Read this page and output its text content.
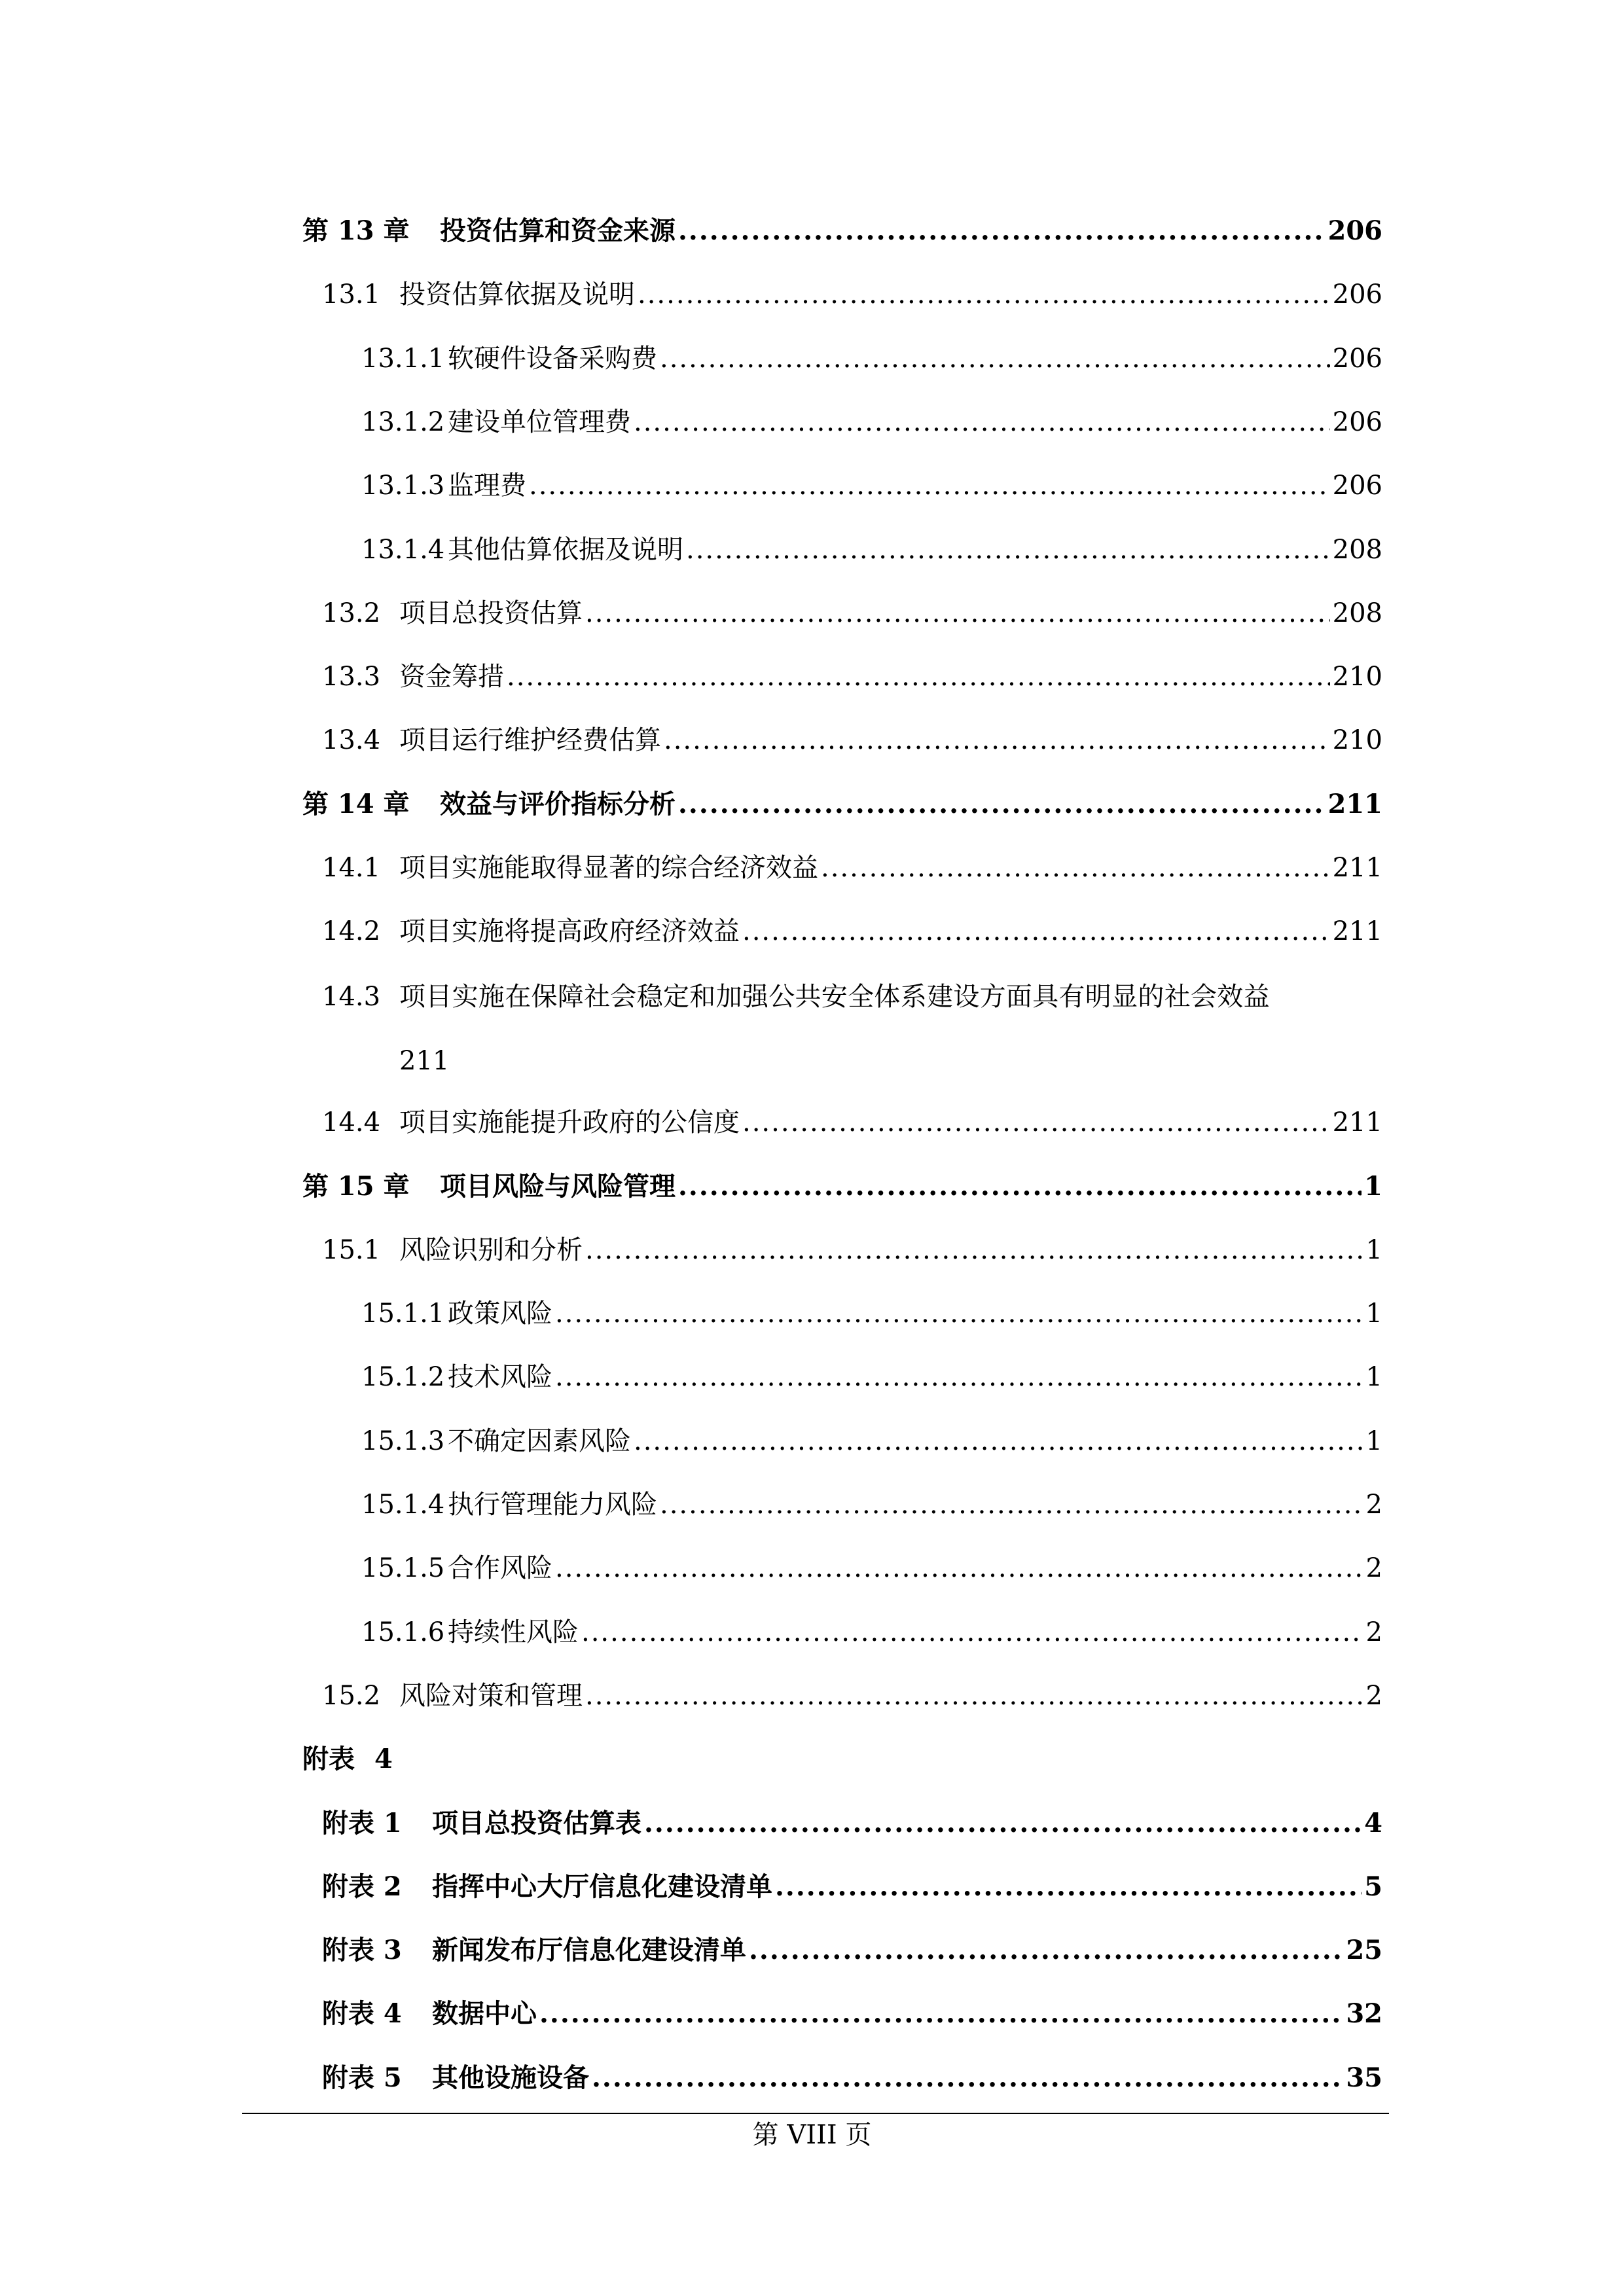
第 13 章	投资估算和资金来源 .....	206
13.1 投资估算依据及说明 .....	206
13.1.1 软硬件设备采购费 .....	206
13.1.2 建设单位管理费 .....	206
13.1.3 监理费 .....	206
13.1.4 其他估算依据及说明 .....	208
13.2 项目总投资估算 .....	208
13.3 资金筹措 .....	210
13.4 项目运行维护经费估算 .....	210
第 14 章	效益与评价指标分析 .....	211
14.1 项目实施能取得显著的综合经济效益 .....	211
14.2 项目实施将提高政府经济效益 .....	211
14.3 项目实施在保障社会稳定和加强公共安全体系建设方面具有明显的社会效益
211
14.4 项目实施能提升政府的公信度 .....	211
第 15 章	项目风险与风险管理 .....	1
15.1 风险识别和分析 .....	1
15.1.1 政策风险 .....	1
15.1.2 技术风险 .....	1
15.1.3 不确定因素风险 .....	1
15.1.4 执行管理能力风险 .....	2
15.1.5 合作风险 .....	2
15.1.6 持续性风险 .....	2
15.2 风险对策和管理 .....	2
附表 4
附表 1	项目总投资估算表 .....	4
附表 2	指挥中心大厅信息化建设清单 .....	5
附表 3	新闻发布厅信息化建设清单 .....	25
附表 4	数据中心 .....	32
附表 5	其他设施设备 .....	35
第 VIII 页
